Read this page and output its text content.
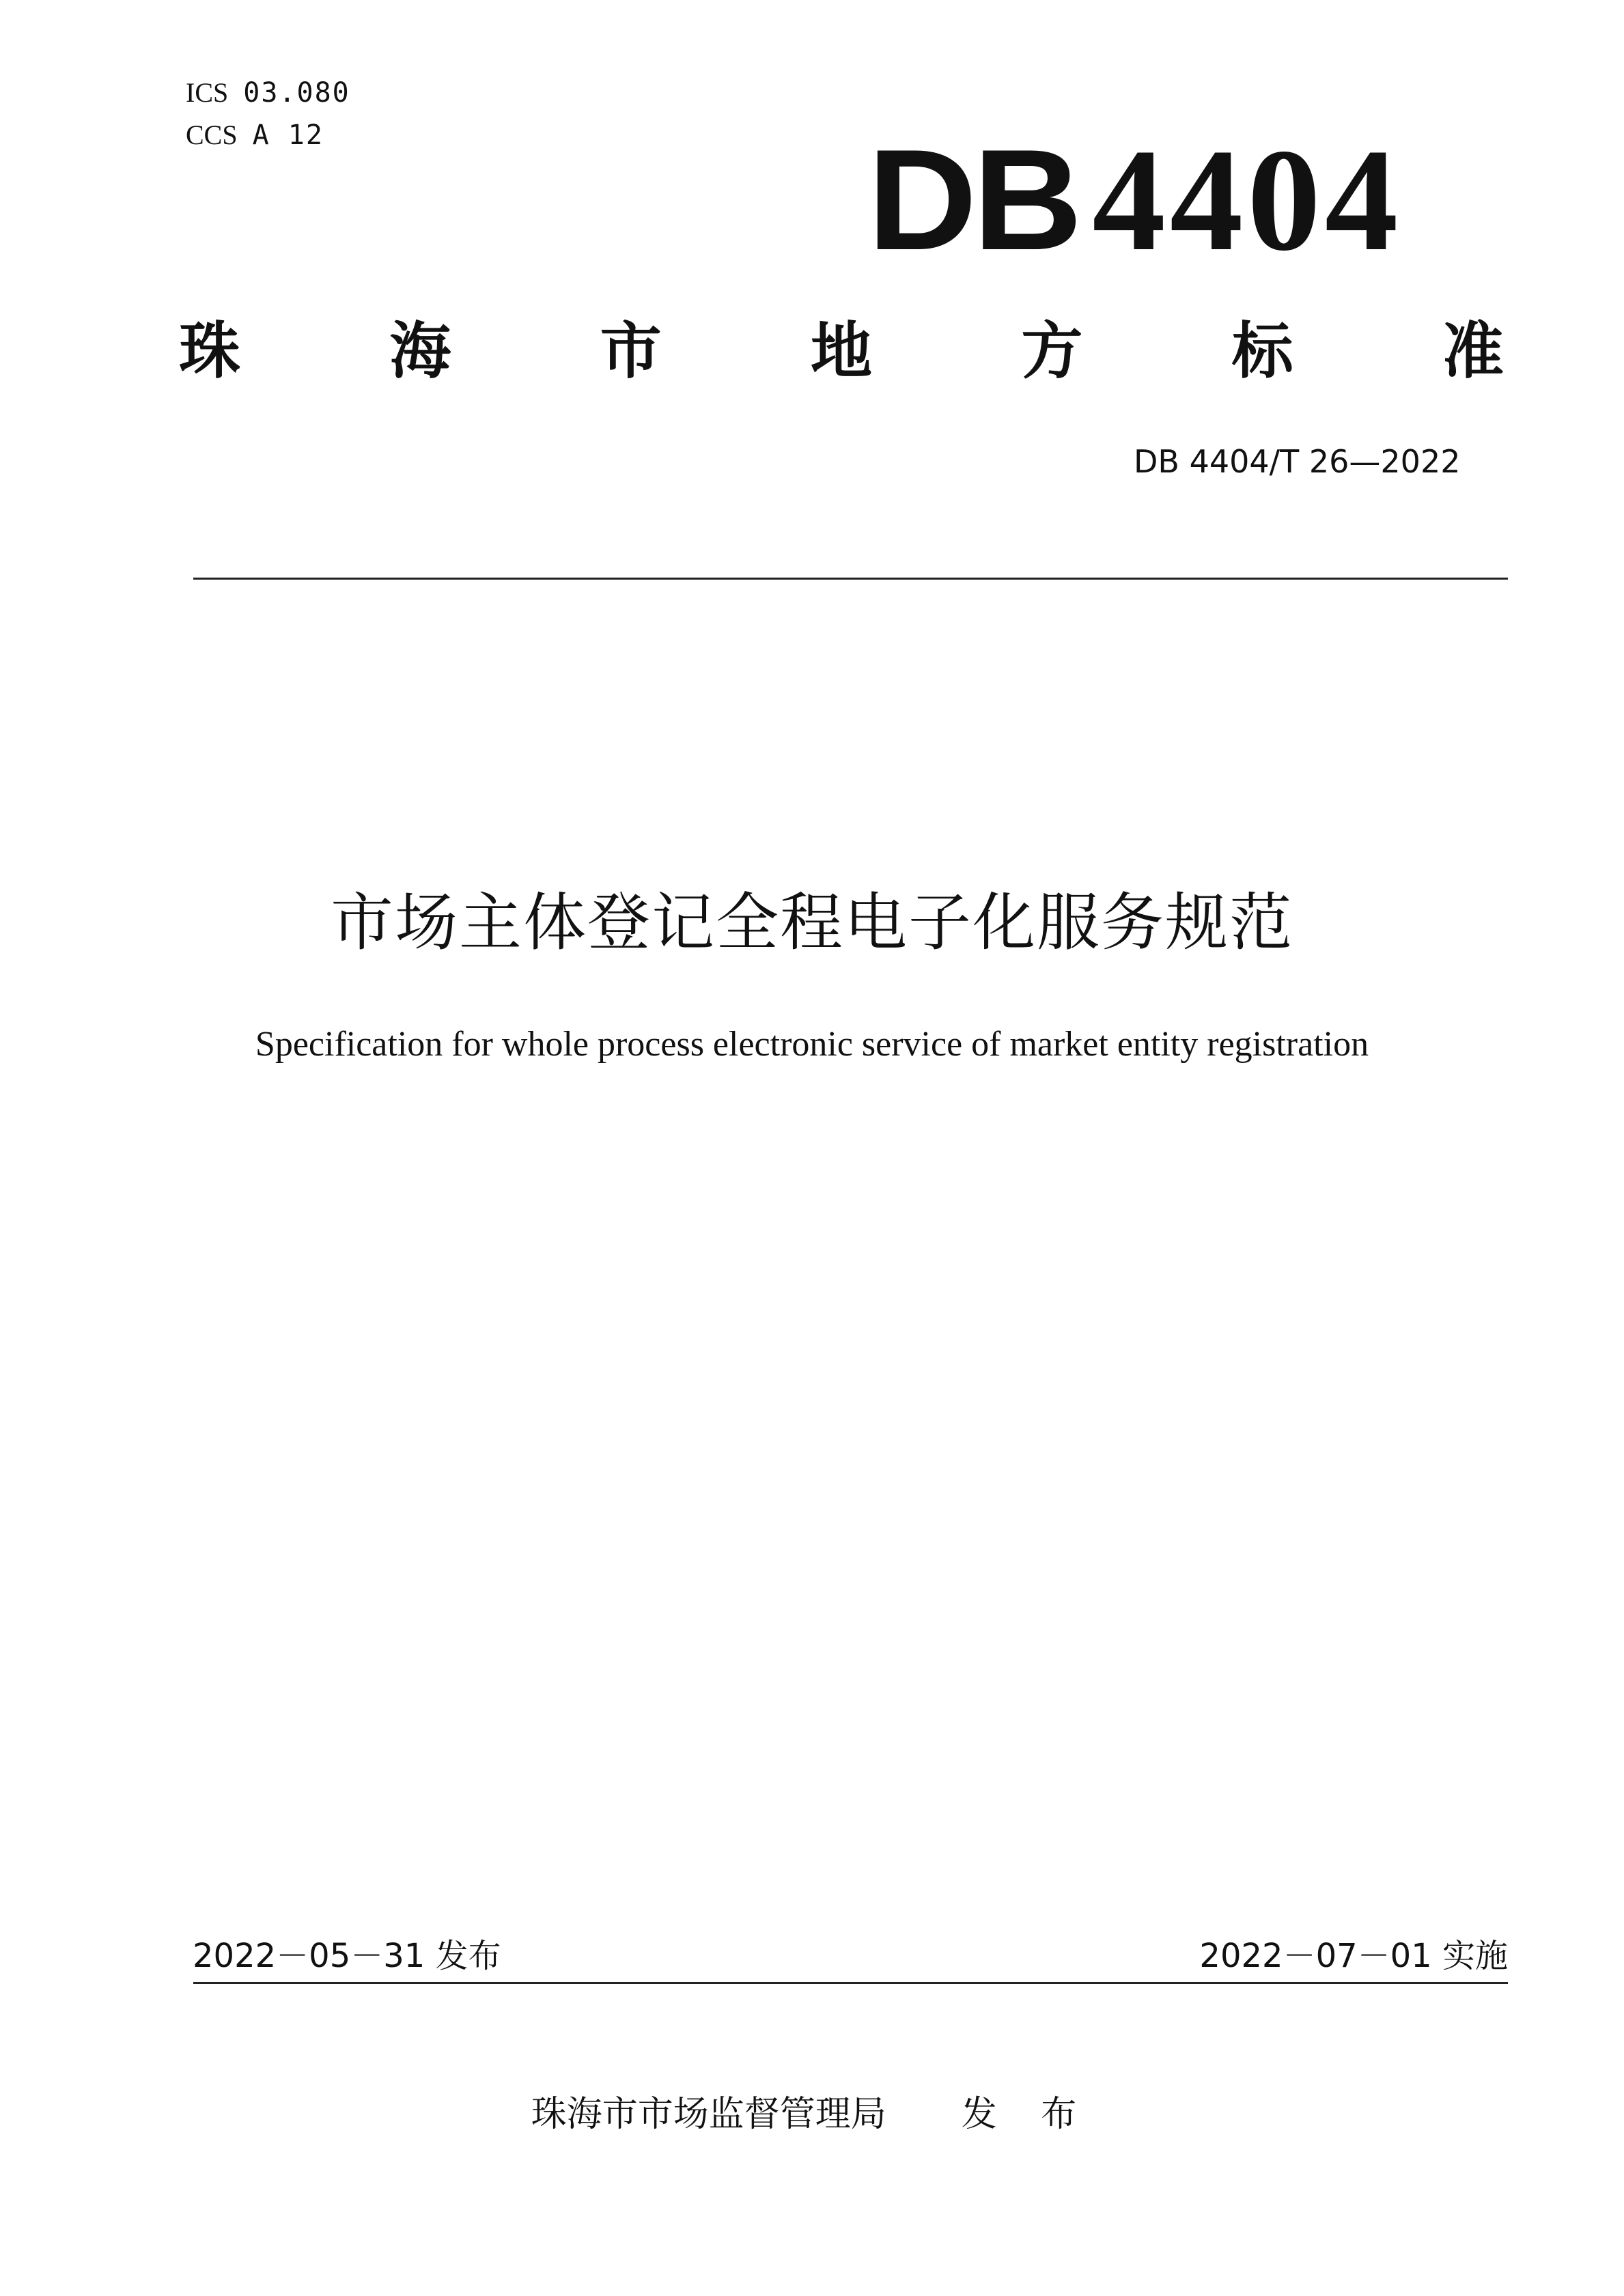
ICS 03.080
CCS A 12	DB 4404
珠 海 市 地 方 标 准
DB 4404/T 26—2022
市场主体登记全程电子化服务规范
Specification for whole process electronic service of market entity registration
2022－05－31 发布	2022－07－01 实施
珠海市市场监督管理局 发 布
